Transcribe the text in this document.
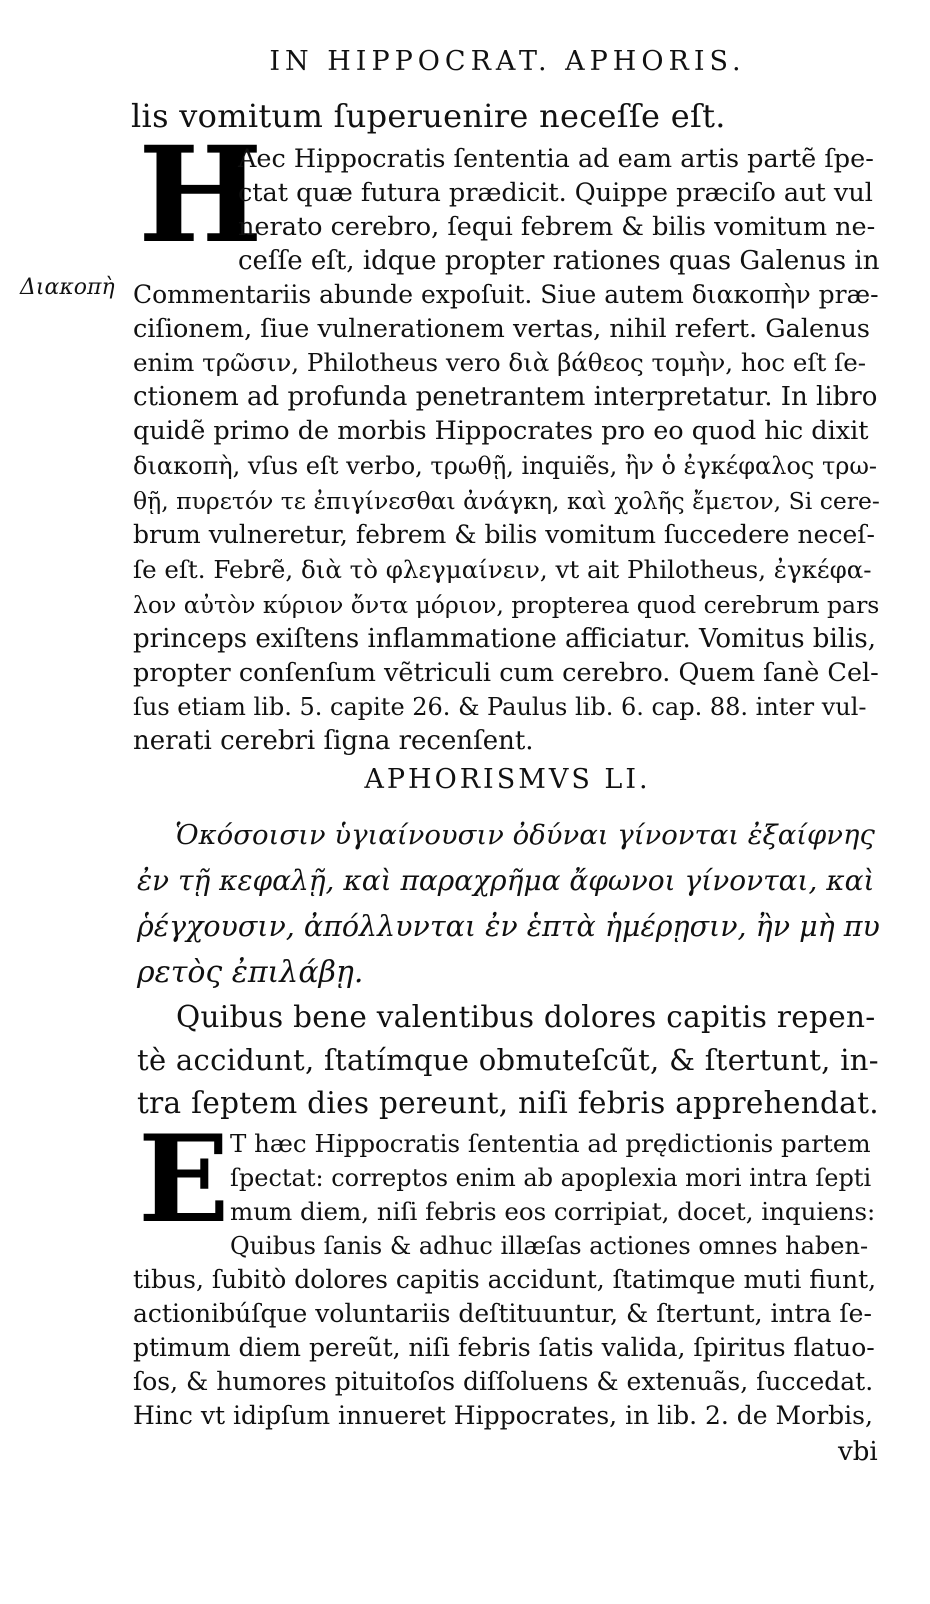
IN HIPPOCRAT. APHORIS.
lis vomitum ſuperuenire neceſſe eſt.
H
Διακοπὴ
Aec Hippocratis ſententia ad eam artis partẽ ſpe-
ctat quæ futura prædicit. Quippe præciſo aut vul
nerato cerebro, ſequi febrem & bilis vomitum ne-
ceſſe eſt, idque propter rationes quas Galenus in
Commentariis abunde expoſuit. Siue autem διακοπὴν præ-
ciſionem, ſiue vulnerationem vertas, nihil refert. Galenus
enim τρῶσιν, Philotheus vero διὰ βάθεος τομὴν, hoc eſt ſe-
ctionem ad profunda penetrantem interpretatur. In libro
quidẽ primo de morbis Hippocrates pro eo quod hic dixit
διακοπὴ, vſus eſt verbo, τρωθῇ, inquiẽs, ἢν ὁ ἐγκέφαλος τρω-
θῇ, πυρετόν τε ἐπιγίνεσθαι ἀνάγκη, καὶ χολῆς ἔμετον, Si cere-
brum vulneretur, febrem & bilis vomitum ſuccedere neceſ-
ſe eſt. Febrẽ, διὰ τὸ φλεγμαίνειν, vt ait Philotheus, ἐγκέφα-
λον αὐτὸν κύριον ὄντα μόριον, propterea quod cerebrum pars
princeps exiſtens inflammatione afficiatur. Vomitus bilis,
propter conſenſum vẽtriculi cum cerebro. Quem ſanè Cel-
ſus etiam lib. 5. capite 26. & Paulus lib. 6. cap. 88. inter vul-
nerati cerebri ſigna recenſent.
APHORISMVS LI.
Ὁκόσοισιν ὑγιαίνουσιν ὀδύναι γίνονται ἐξαίφνης
ἐν τῇ κεφαλῇ, καὶ παραχρῆμα ἄφωνοι γίνονται, καὶ
ῥέγχουσιν, ἀπόλλυνται ἐν ἑπτὰ ἡμέρῃσιν, ἢν μὴ πυ
ρετὸς ἐπιλάβῃ.
Quibus bene valentibus dolores capitis repen-
tè accidunt, ſtatímque obmuteſcũt, & ſtertunt, in-
tra ſeptem dies pereunt, niſi febris apprehendat.
E T hæc Hippocratis ſententia ad prędictionis partem
ſpectat: correptos enim ab apoplexia mori intra ſepti
mum diem, niſi febris eos corripiat, docet, inquiens:
Quibus ſanis & adhuc illæſas actiones omnes haben-
tibus, ſubitò dolores capitis accidunt, ſtatimque muti fiunt,
actionibúſque voluntariis deſtituuntur, & ſtertunt, intra ſe-
ptimum diem pereũt, niſi febris ſatis valida, ſpiritus flatuo-
ſos, & humores pituitoſos diſſoluens & extenuãs, ſuccedat.
Hinc vt idipſum innueret Hippocrates, in lib. 2. de Morbis,
vbi
